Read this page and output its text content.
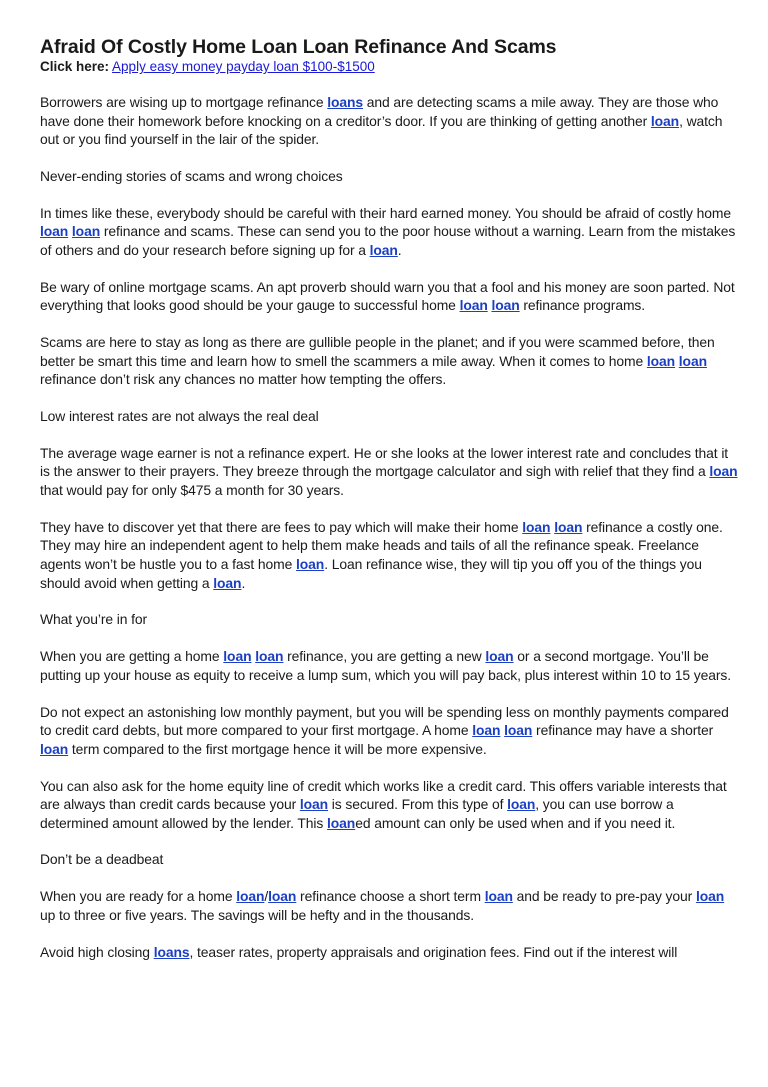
Afraid Of Costly Home Loan Loan Refinance And Scams

Click here: Apply easy money payday loan $100-$1500

Borrowers are wising up to mortgage refinance loans and are detecting scams a mile away. They are those who have done their homework before knocking on a creditor’s door. If you are thinking of getting another loan, watch out or you find yourself in the lair of the spider.

Never-ending stories of scams and wrong choices

In times like these, everybody should be careful with their hard earned money. You should be afraid of costly home loan loan refinance and scams. These can send you to the poor house without a warning. Learn from the mistakes of others and do your research before signing up for a loan.

Be wary of online mortgage scams. An apt proverb should warn you that a fool and his money are soon parted. Not everything that looks good should be your gauge to successful home loan loan refinance programs.

Scams are here to stay as long as there are gullible people in the planet; and if you were scammed before, then better be smart this time and learn how to smell the scammers a mile away. When it comes to home loan loan refinance don’t risk any chances no matter how tempting the offers.

Low interest rates are not always the real deal

The average wage earner is not a refinance expert. He or she looks at the lower interest rate and concludes that it is the answer to their prayers. They breeze through the mortgage calculator and sigh with relief that they find a loan that would pay for only $475 a month for 30 years.

They have to discover yet that there are fees to pay which will make their home loan loan refinance a costly one. They may hire an independent agent to help them make heads and tails of all the refinance speak. Freelance agents won’t be hustle you to a fast home loan. Loan refinance wise, they will tip you off you of the things you should avoid when getting a loan.

What you’re in for

When you are getting a home loan loan refinance, you are getting a new loan or a second mortgage. You’ll be putting up your house as equity to receive a lump sum, which you will pay back, plus interest within 10 to 15 years.

Do not expect an astonishing low monthly payment, but you will be spending less on monthly payments compared to credit card debts, but more compared to your first mortgage. A home loan loan refinance may have a shorter loan term compared to the first mortgage hence it will be more expensive.

You can also ask for the home equity line of credit which works like a credit card. This offers variable interests that are always than credit cards because your loan is secured. From this type of loan, you can use borrow a determined amount allowed by the lender. This loaned amount can only be used when and if you need it.

Don’t be a deadbeat

When you are ready for a home loan/loan refinance choose a short term loan and be ready to pre-pay your loan up to three or five years. The savings will be hefty and in the thousands.

Avoid high closing loans, teaser rates, property appraisals and origination fees. Find out if the interest will
